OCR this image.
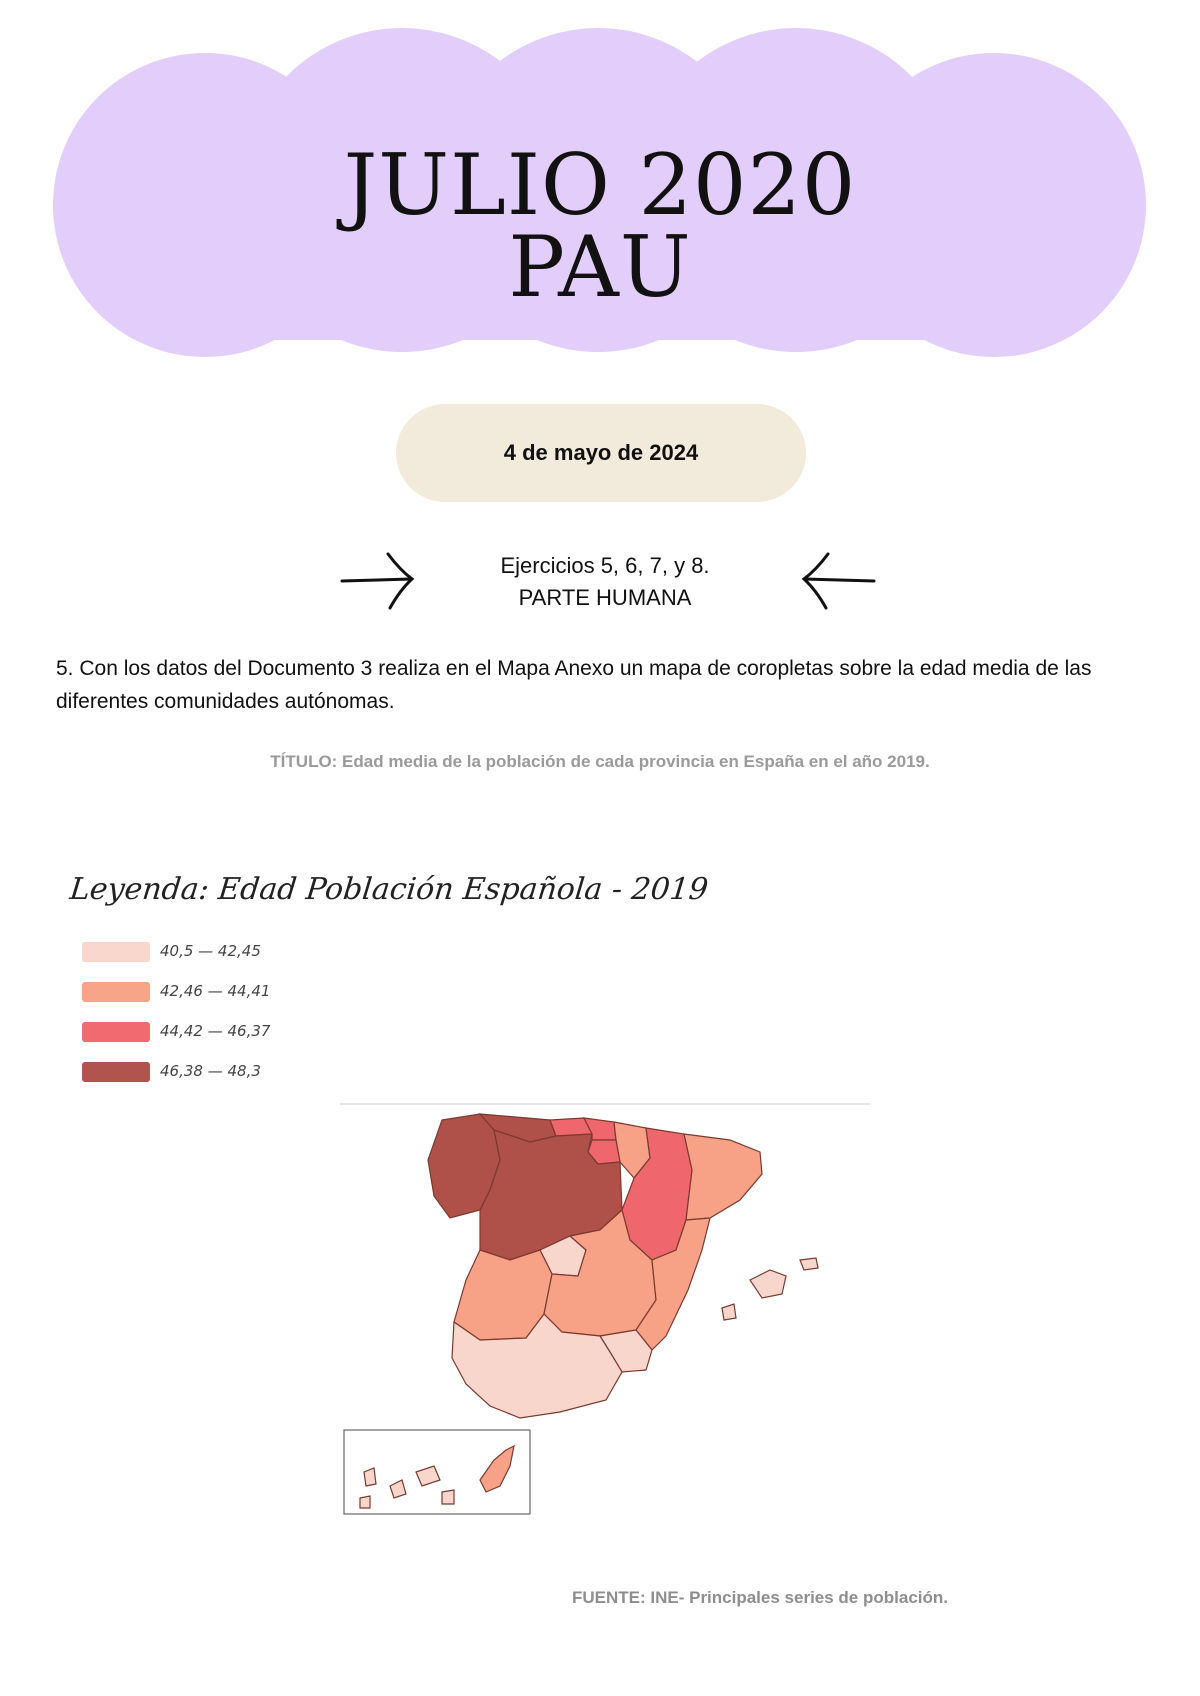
JULIO 2020
PAU
4 de mayo de 2024
Ejercicios 5, 6, 7, y 8.
PARTE HUMANA
5. Con los datos del Documento 3 realiza en el Mapa Anexo un mapa de coropletas sobre la edad media de las diferentes comunidades autónomas.
TÍTULO: Edad media de la población de cada provincia en España en el año 2019.
Leyenda: Edad Población Española - 2019
40,5 — 42,45
42,46 — 44,41
44,42 — 46,37
46,38 — 48,3
FUENTE: INE- Principales series de población.
